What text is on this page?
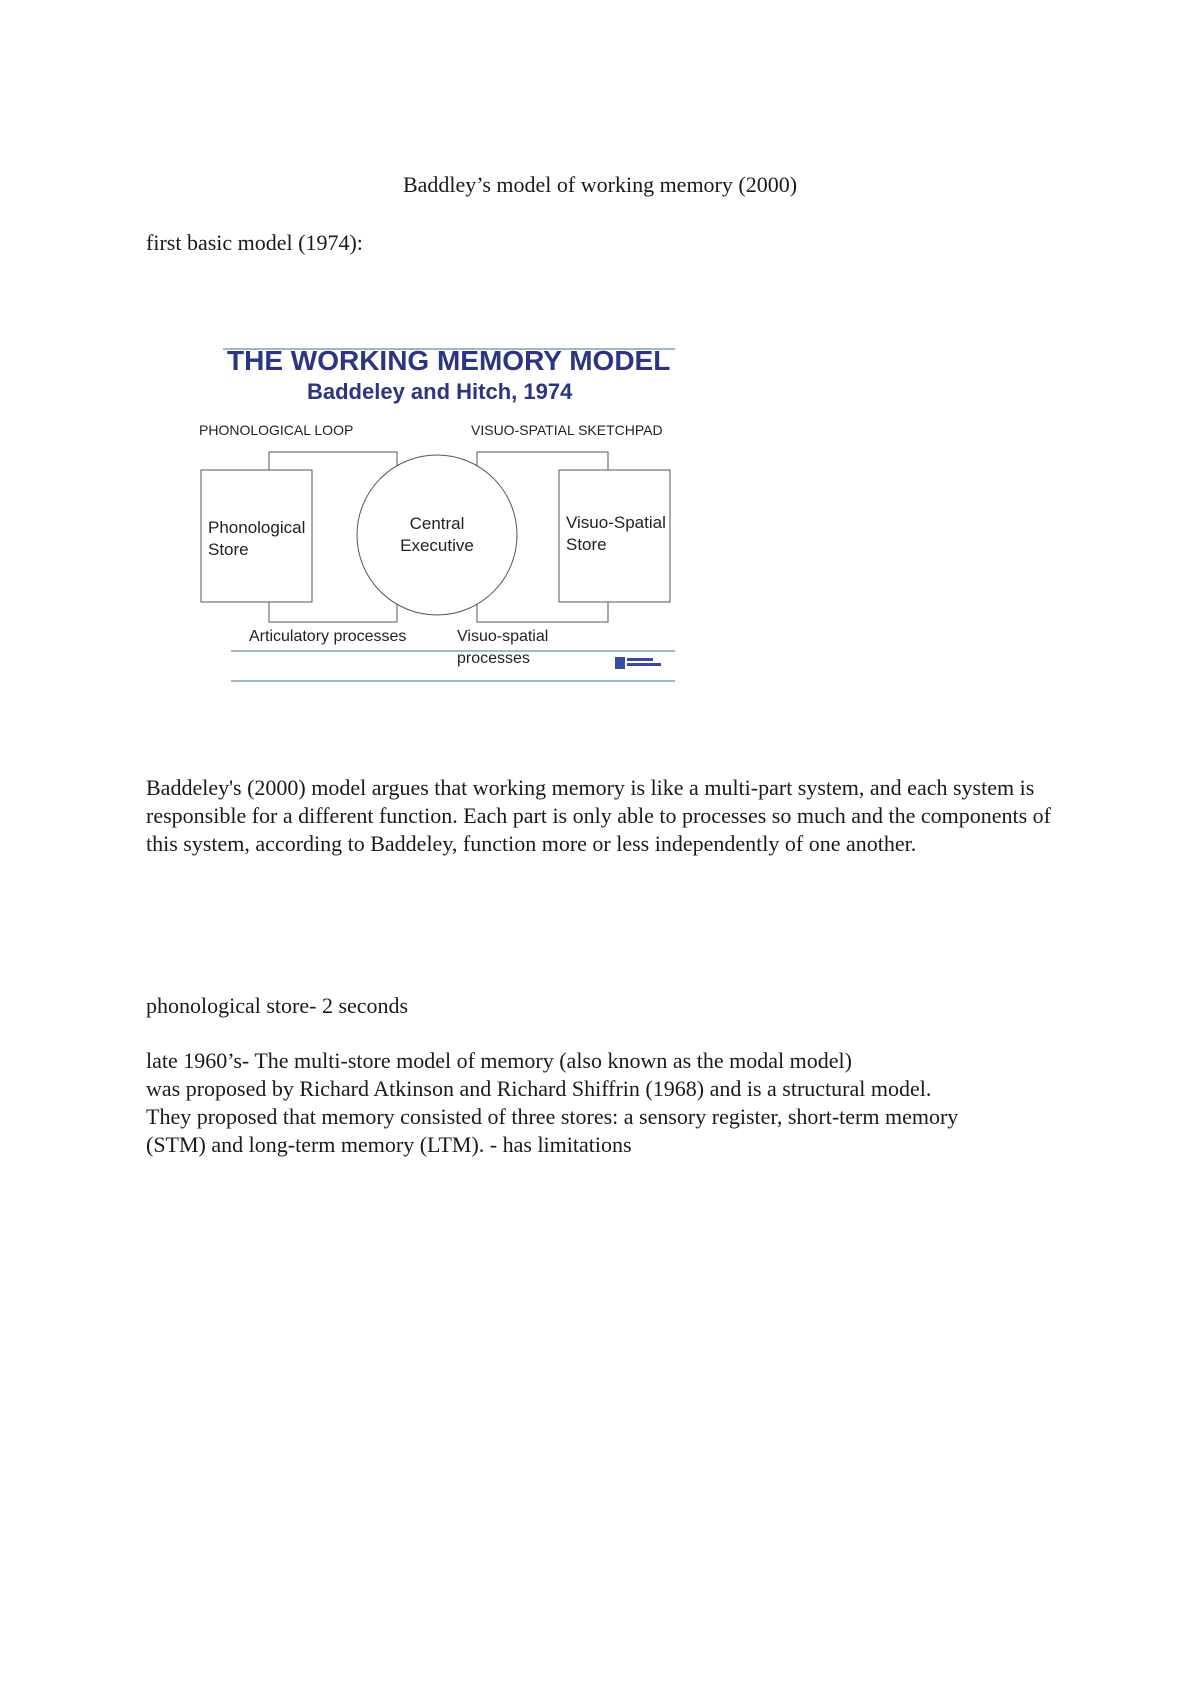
Baddley’s model of working memory (2000)
first basic model (1974):
THE WORKING MEMORY MODEL
Baddeley and Hitch, 1974
PHONOLOGICAL LOOP	VISUO-SPATIAL SKETCHPAD
Phonological
Store
Central
Executive
Visuo-Spatial
Store
Articulatory processes	Visuo-spatial
processes
Baddeley's (2000) model argues that working memory is like a multi-part system, and each system is responsible for a different function. Each part is only able to processes so much and the components of this system, according to Baddeley, function more or less independently of one another.
phonological store- 2 seconds
late 1960’s- The multi-store model of memory (also known as the modal model)
was proposed by Richard Atkinson and Richard Shiffrin (1968) and is a structural model.
They proposed that memory consisted of three stores: a sensory register, short-term memory
(STM) and long-term memory (LTM). - has limitations
